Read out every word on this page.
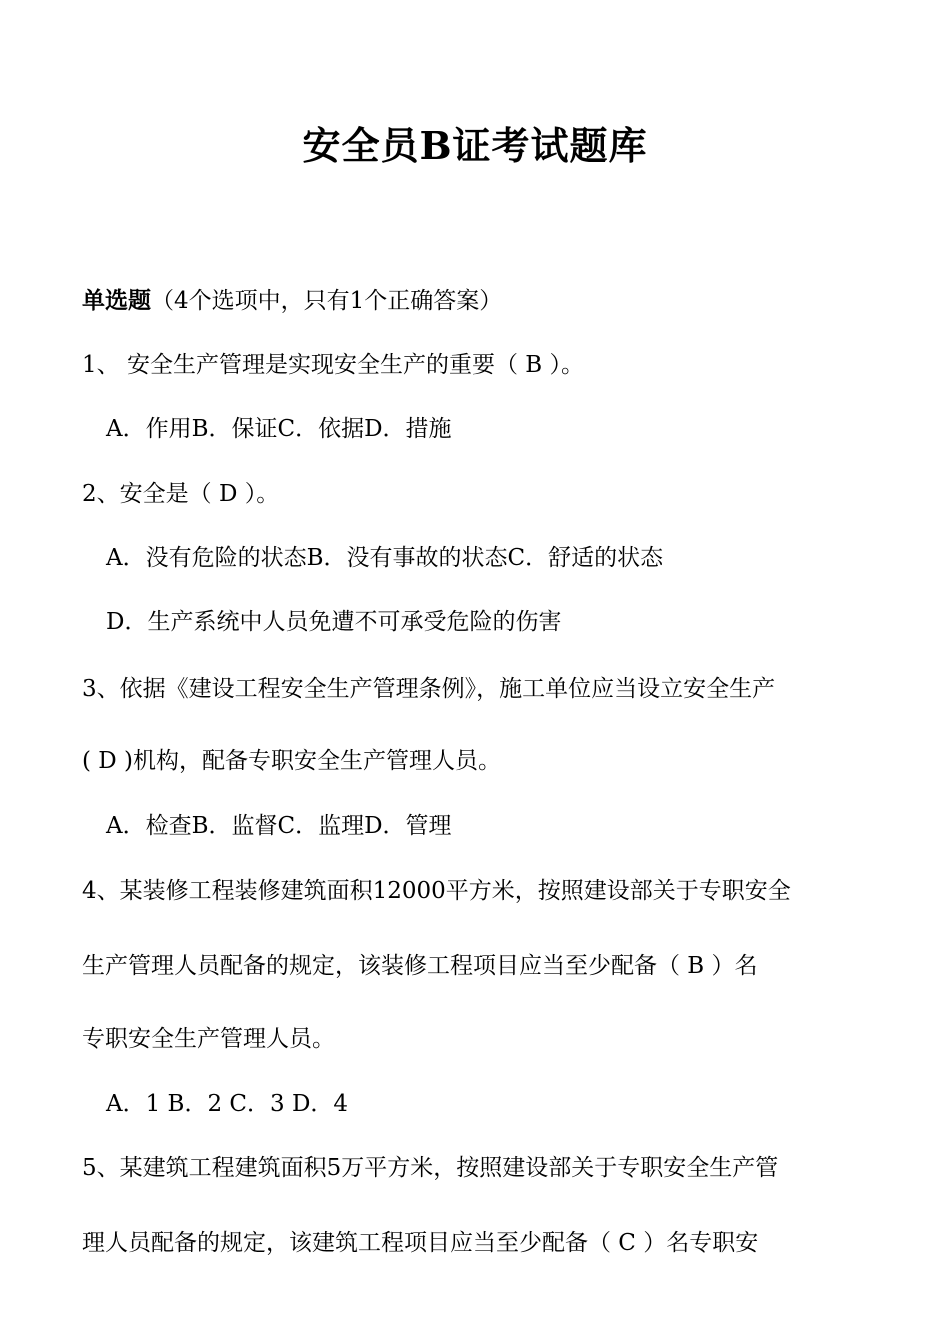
安全员B证考试题库
单选题（4个选项中，只有1个正确答案）
1、 安全生产管理是实现安全生产的重要（ B ）。
A．作用B．保证C．依据D．措施
2、安全是（ D ）。
A．没有危险的状态B．没有事故的状态C．舒适的状态
D．生产系统中人员免遭不可承受危险的伤害
3、依据《建设工程安全生产管理条例》，施工单位应当设立安全生产
( D )机构，配备专职安全生产管理人员。
A．检查B．监督C．监理D．管理
4、某装修工程装修建筑面积12000平方米，按照建设部关于专职安全
生产管理人员配备的规定，该装修工程项目应当至少配备（ B ）名
专职安全生产管理人员。
A．1 B．2 C．3 D．4
5、某建筑工程建筑面积5万平方米，按照建设部关于专职安全生产管
理人员配备的规定，该建筑工程项目应当至少配备（ C ）名专职安
